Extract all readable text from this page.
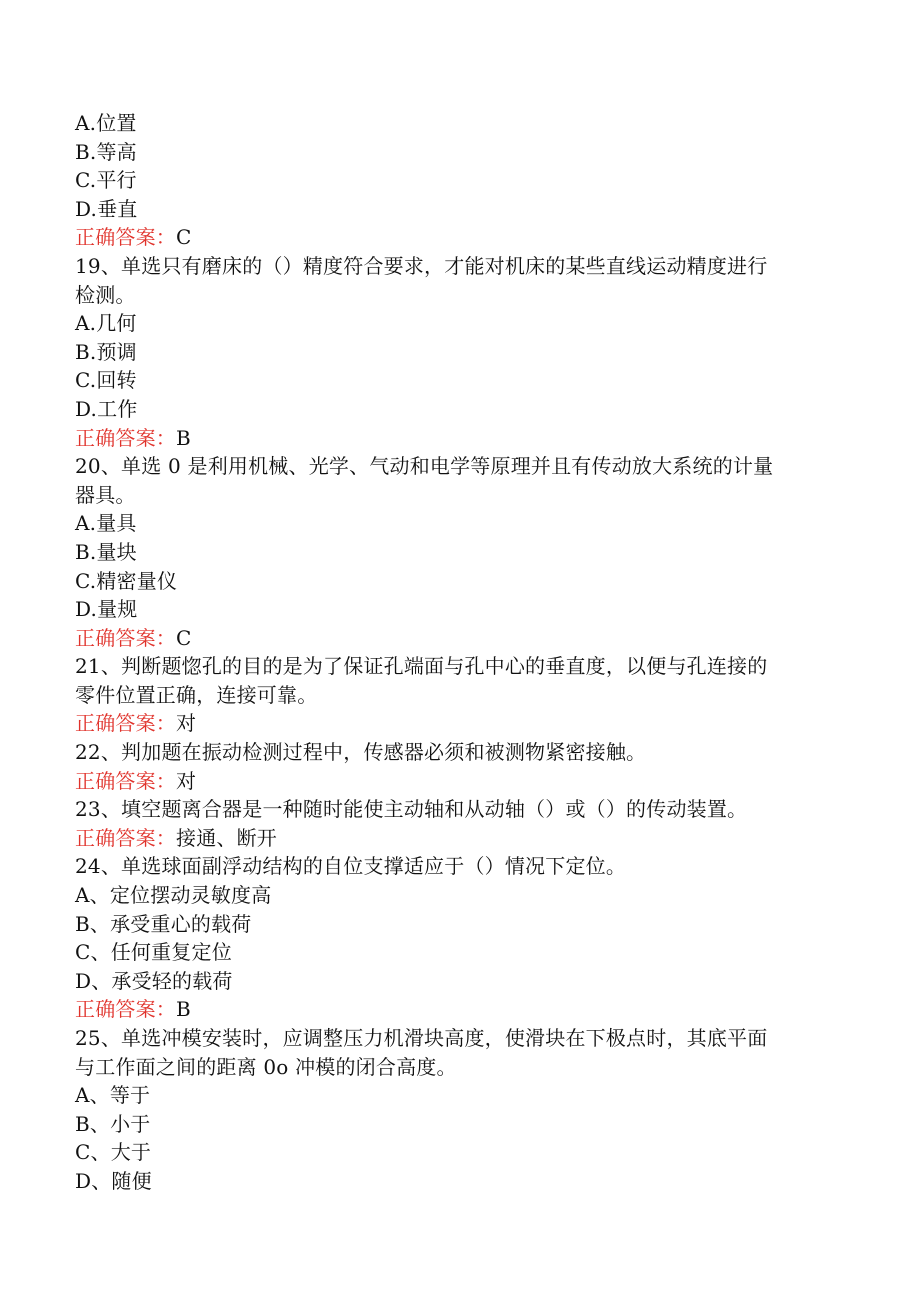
A.位置
B.等高
C.平行
D.垂直
正确答案：C
19、单选只有磨床的（）精度符合要求，才能对机床的某些直线运动精度进行
检测。
A.几何
B.预调
C.回转
D.工作
正确答案：B
20、单选 0 是利用机械、光学、气动和电学等原理并且有传动放大系统的计量
器具。
A.量具
B.量块
C.精密量仪
D.量规
正确答案：C
21、判断题惚孔的目的是为了保证孔端面与孔中心的垂直度，以便与孔连接的
零件位置正确，连接可靠。
正确答案：对
22、判加题在振动检测过程中，传感器必须和被测物紧密接触。
正确答案：对
23、填空题离合器是一种随时能使主动轴和从动轴（）或（）的传动装置。
正确答案：接通、断开
24、单选球面副浮动结构的自位支撑适应于（）情况下定位。
A、定位摆动灵敏度高
B、承受重心的载荷
C、任何重复定位
D、承受轻的载荷
正确答案：B
25、单选冲模安装时，应调整压力机滑块高度，使滑块在下极点时，其底平面
与工作面之间的距离 0o 冲模的闭合高度。
A、等于
B、小于
C、大于
D、随便
